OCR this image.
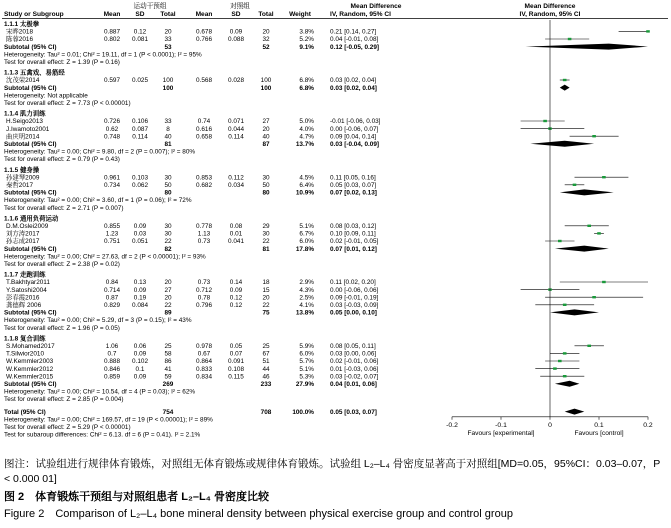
运动干预组	对照组	Mean Difference	Mean Difference
Study or Subgroup	Mean SD Total	Mean	SD	Total Weight	IV, Random, 95% CI	IV, Random, 95% CI
1.1.1 太极拳
宋晔2018	0.887 0.12	20	0.678	0.09	20	3.8%	0.21 [0.14, 0.27]
陈蓉2016	0.802 0.081	33	0.766	0.088	32	5.2%	0.04 [-0.01, 0.08]
Subtotal (95% CI)	53	52	9.1%	0.12 [-0.05, 0.29]
Heterogeneity: Tau² = 0.01; Chi² = 19.11, df = 1 (P < 0.0001); I² = 95%
Test for overall effect: Z = 1.39 (P = 0.16)
1.1.3 五禽戏、易筋经
沈茂荣2014	0.597 0.025 100	0.568	0.028	100	6.8%	0.03 [0.02, 0.04]
Subtotal (95% CI)	100	100	6.8%	0.03 [0.02, 0.04]
Heterogeneity: Not applicable
Test for overall effect: Z = 7.73 (P < 0.00001)
1.1.4 肌力训练
H.Seigo2013	0.726 0.106	33	0.74	0.071	27	5.0%	-0.01 [-0.06, 0.03]
J.Iwamoto2001	0.62 0.087	8	0.616	0.044	20	4.0%	0.00 [-0.06, 0.07]
曲庆明2014	0.748 0.114	40	0.658	0.114	40	4.7%	0.09 [0.04, 0.14]
Subtotal (95% CI)	81	87	13.7%	0.03 [-0.04, 0.09]
Heterogeneity: Tau² = 0.00; Chi² = 9.80, df = 2 (P = 0.007); I² = 80%
Test for overall effect: Z = 0.79 (P = 0.43)
1.1.5 健身操
孙建琴2009	0.961 0.103	30	0.853	0.112	30	4.5%	0.11 [0.05, 0.16]
秦哲2017	0.734 0.062	50	0.682	0.034	50	6.4%	0.05 [0.03, 0.07]
Subtotal (95% CI)	80	80	10.9%	0.07 [0.02, 0.13]
Heterogeneity: Tau² = 0.00; Chi² = 3.60, df = 1 (P = 0.06); I² = 72%
Test for overall effect: Z = 2.71 (P = 0.007)
1.1.6 通用负荷运动
D.M.Oslei2009	0.855 0.09	30	0.778	0.08	29	5.1%	0.08 [0.03, 0.12]
刘方涛2017	1.23 0.03	30	1.13	0.01	30	6.7%	0.10 [0.09, 0.11]
孙志成2017	0.751 0.051	22	0.73	0.041	22	6.0%	0.02 [-0.01, 0.05]
Subtotal (95% CI)	82	81	17.8%	0.07 [0.01, 0.12]
Heterogeneity: Tau² = 0.00; Chi² = 27.63, df = 2 (P < 0.00001); I² = 93%
Test for overall effect: Z = 2.38 (P = 0.02)
1.1.7 走跑训练
T.Bakhtyar2011	0.84 0.13	20	0.73	0.14	18	2.9%	0.11 [0.02, 0.20]
Y.Satoshi2004	0.714 0.09	27	0.712	0.09	15	4.3%	0.00 [-0.06, 0.06]
彭春霞2016	0.87 0.19	20	0.78	0.12	20	2.5%	0.09 [-0.01, 0.19]
龚德辉 2006	0.829 0.084	22	0.796	0.12	22	4.1%	0.03 [-0.03, 0.09]
Subtotal (95% CI)	89	75	13.8%	0.05 [0.00, 0.10]
Heterogeneity: Tau² = 0.00; Chi² = 5.29, df = 3 (P = 0.15); I² = 43%
Test for overall effect: Z = 1.96 (P = 0.05)
1.1.8 复合训练
S.Mohamed2017	1.06 0.06	25	0.978	0.05	25	5.9%	0.08 [0.05, 0.11]
T.Silwior2010	0.7	0.09	58	0.67	0.07	67	6.0%	0.03 [0.00, 0.06]
W.Kemmler2003	0.888 0.102	86	0.864	0.091	51	5.7%	0.02 [-0.01, 0.06]
W.Kemmler2012	0.846 0.1	41	0.833	0.108	44	5.1%	0.01 [-0.03, 0.06]
W.Kemmler2015	0.859 0.09	59	0.834	0.115	46	5.3%	0.03 [-0.02, 0.07]
Subtotal (95% CI)	269	233	27.9%	0.04 [0.01, 0.06]
Heterogeneity: Tau² = 0.00; Chi² = 10.54, df = 4 (P = 0.03); I² = 62%
Test for overall effect: Z = 2.85 (P = 0.004)
Total (95% CI)	754	708	100.0%	0.05 [0.03, 0.07]
Heterogeneity: Tau² = 0.00; Chi² = 169.57, df = 19 (P < 0.00001); I² = 89%
Test for overall effect: Z = 5.29 (P < 0.00001)
Test for subaroup differences: Chi² = 6.13. df = 6 (P = 0.41). I² = 2.1%
-0.2	-0.1	0	0.1	0.2
Favours [experimental]	Favours [control]
图注：试验组进行规律体育锻炼，对照组无体育锻炼或规律体育锻炼。试验组 L₂–L₄ 骨密度显著高于对照组[MD=0.05，95%CI：0.03–0.07，P < 0.000 01]
图 2　体育锻炼干预组与对照组患者 L₂–L₄ 骨密度比较
Figure 2　Comparison of L₂–L₄ bone mineral density between physical exercise group and control group
